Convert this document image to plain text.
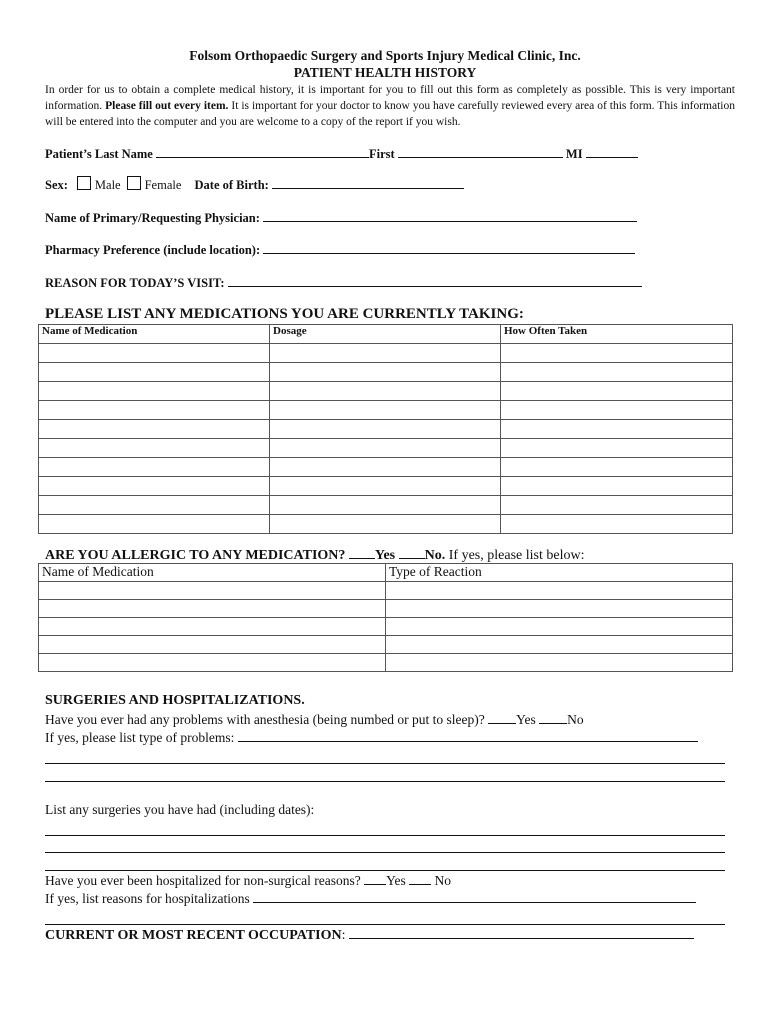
Folsom Orthopaedic Surgery and Sports Injury Medical Clinic, Inc.
PATIENT HEALTH HISTORY
In order for us to obtain a complete medical history, it is important for you to fill out this form as completely as possible. This is very important information. Please fill out every item. It is important for your doctor to know you have carefully reviewed every area of this form. This information will be entered into the computer and you are welcome to a copy of the report if you wish.
Patient’s Last Name	First	MI
Sex: Male Female Date of Birth:
Name of Primary/Requesting Physician:
Pharmacy Preference (include location):
REASON FOR TODAY’S VISIT:
PLEASE LIST ANY MEDICATIONS YOU ARE CURRENTLY TAKING:
Name of Medication	Dosage	How Often Taken

ARE YOU ALLERGIC TO ANY MEDICATION? Yes No. If yes, please list below:
Name of Medication	Type of Reaction

SURGERIES AND HOSPITALIZATIONS.
Have you ever had any problems with anesthesia (being numbed or put to sleep)? Yes No
If yes, please list type of problems:
List any surgeries you have had (including dates):
Have you ever been hospitalized for non-surgical reasons? Yes No
If yes, list reasons for hospitalizations
CURRENT OR MOST RECENT OCCUPATION:
